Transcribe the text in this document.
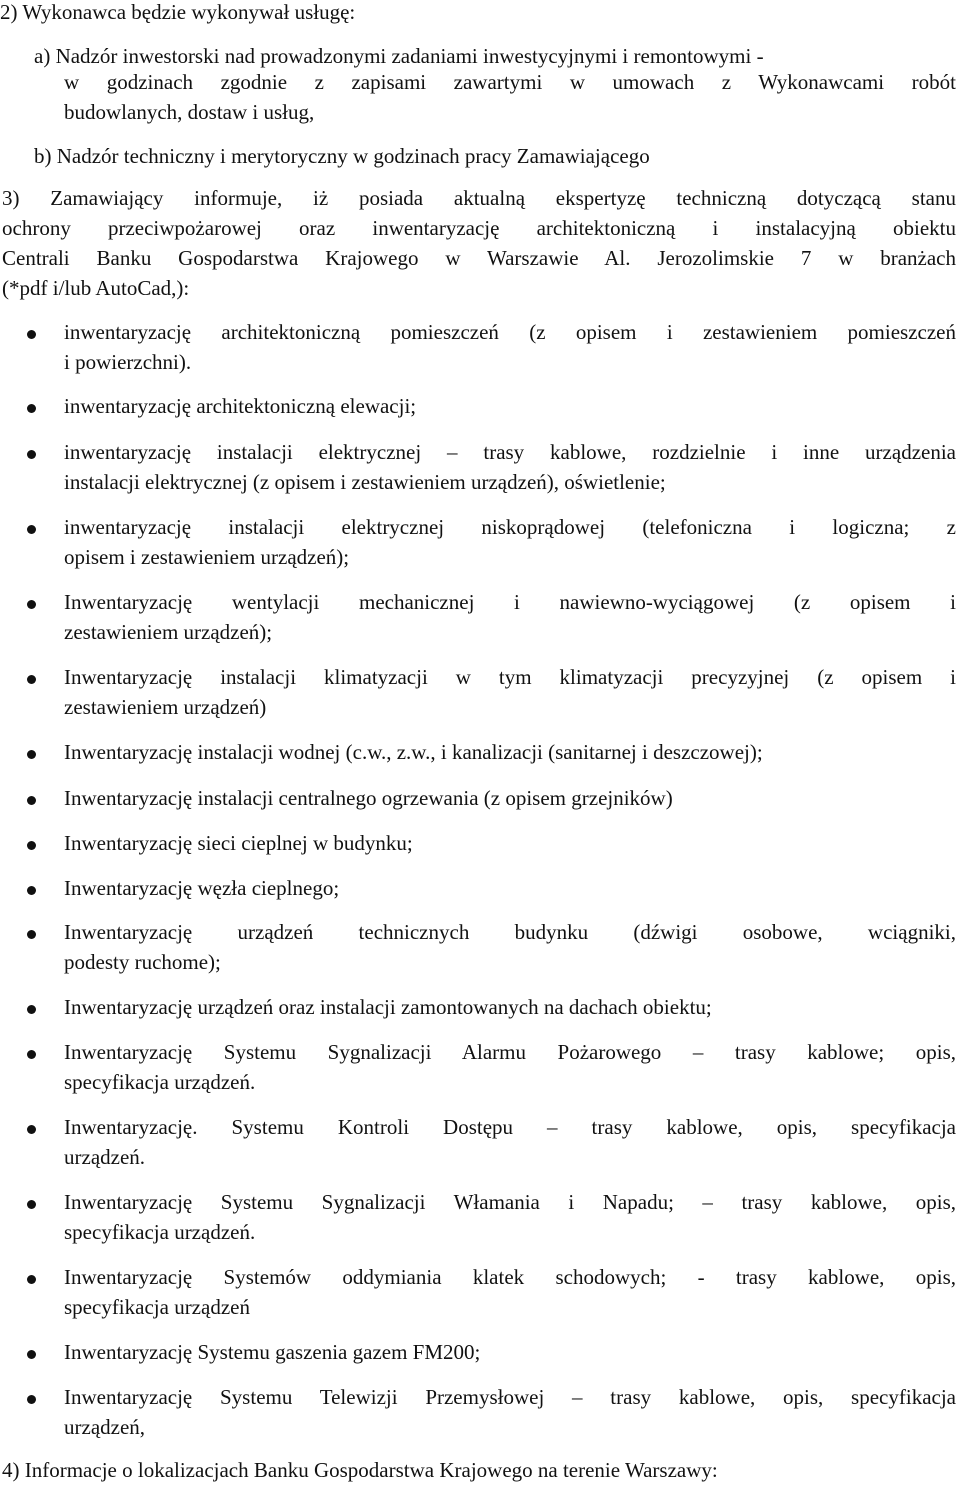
2) Wykonawca będzie wykonywał usługę:
a) Nadzór inwestorski nad prowadzonymi zadaniami inwestycyjnymi i remontowymi -
w godzinach zgodnie z zapisami zawartymi w umowach z Wykonawcami robót
budowlanych, dostaw i usług,
b) Nadzór techniczny i merytoryczny w godzinach pracy Zamawiającego
3) Zamawiający informuje, iż posiada aktualną ekspertyzę techniczną dotyczącą stanu
ochrony przeciwpożarowej oraz inwentaryzację architektoniczną i instalacyjną obiektu
Centrali Banku Gospodarstwa Krajowego w Warszawie Al. Jerozolimskie 7 w branżach
(*pdf i/lub AutoCad,):
inwentaryzację architektoniczną pomieszczeń (z opisem i zestawieniem pomieszczeń
i powierzchni).
inwentaryzację architektoniczną elewacji;
inwentaryzację instalacji elektrycznej – trasy kablowe, rozdzielnie i inne urządzenia
instalacji elektrycznej (z opisem i zestawieniem urządzeń), oświetlenie;
inwentaryzację instalacji elektrycznej niskoprądowej (telefoniczna i logiczna; z
opisem i zestawieniem urządzeń);
Inwentaryzację wentylacji mechanicznej i nawiewno-wyciągowej (z opisem i
zestawieniem urządzeń);
Inwentaryzację instalacji klimatyzacji w tym klimatyzacji precyzyjnej (z opisem i
zestawieniem urządzeń)
Inwentaryzację instalacji wodnej (c.w., z.w., i kanalizacji (sanitarnej i deszczowej);
Inwentaryzację instalacji centralnego ogrzewania (z opisem grzejników)
Inwentaryzację sieci cieplnej w budynku;
Inwentaryzację węzła cieplnego;
Inwentaryzację urządzeń technicznych budynku (dźwigi osobowe, wciągniki,
podesty ruchome);
Inwentaryzację urządzeń oraz instalacji zamontowanych na dachach obiektu;
Inwentaryzację Systemu Sygnalizacji Alarmu Pożarowego – trasy kablowe; opis,
specyfikacja urządzeń.
Inwentaryzację. Systemu Kontroli Dostępu – trasy kablowe, opis, specyfikacja
urządzeń.
Inwentaryzację Systemu Sygnalizacji Włamania i Napadu; – trasy kablowe, opis,
specyfikacja urządzeń.
Inwentaryzację Systemów oddymiania klatek schodowych; - trasy kablowe, opis,
specyfikacja urządzeń
Inwentaryzację Systemu gaszenia gazem FM200;
Inwentaryzację Systemu Telewizji Przemysłowej – trasy kablowe, opis, specyfikacja
urządzeń,
4) Informacje o lokalizacjach Banku Gospodarstwa Krajowego na terenie Warszawy:
